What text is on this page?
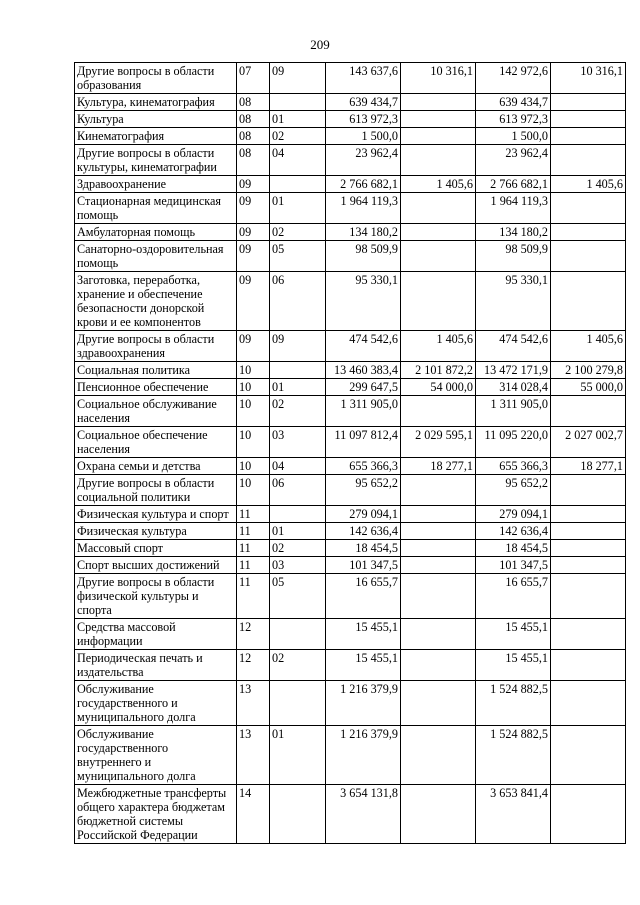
209
Другие вопросы в области образования	07	09	143 637,6	10 316,1	142 972,6	10 316,1
Культура, кинематография	08		639 434,7		639 434,7	
Культура	08	01	613 972,3		613 972,3	
Кинематография	08	02	1 500,0		1 500,0	
Другие вопросы в области культуры, кинематографии	08	04	23 962,4		23 962,4	
Здравоохранение	09		2 766 682,1	1 405,6	2 766 682,1	1 405,6
Стационарная медицинская помощь	09	01	1 964 119,3		1 964 119,3	
Амбулаторная помощь	09	02	134 180,2		134 180,2	
Санаторно-оздоровительная помощь	09	05	98 509,9		98 509,9	
Заготовка, переработка, хранение и обеспечение безопасности донорской крови и ее компонентов	09	06	95 330,1		95 330,1	
Другие вопросы в области здравоохранения	09	09	474 542,6	1 405,6	474 542,6	1 405,6
Социальная политика	10		13 460 383,4	2 101 872,2	13 472 171,9	2 100 279,8
Пенсионное обеспечение	10	01	299 647,5	54 000,0	314 028,4	55 000,0
Социальное обслуживание населения	10	02	1 311 905,0		1 311 905,0	
Социальное обеспечение населения	10	03	11 097 812,4	2 029 595,1	11 095 220,0	2 027 002,7
Охрана семьи и детства	10	04	655 366,3	18 277,1	655 366,3	18 277,1
Другие вопросы в области социальной политики	10	06	95 652,2		95 652,2	
Физическая культура и спорт	11		279 094,1		279 094,1	
Физическая культура	11	01	142 636,4		142 636,4	
Массовый спорт	11	02	18 454,5		18 454,5	
Спорт высших достижений	11	03	101 347,5		101 347,5	
Другие вопросы в области физической культуры и спорта	11	05	16 655,7		16 655,7	
Средства массовой информации	12		15 455,1		15 455,1	
Периодическая печать и издательства	12	02	15 455,1		15 455,1	
Обслуживание государственного и муниципального долга	13		1 216 379,9		1 524 882,5	
Обслуживание государственного внутреннего и муниципального долга	13	01	1 216 379,9		1 524 882,5	
Межбюджетные трансферты общего характера бюджетам бюджетной системы Российской Федерации	14		3 654 131,8		3 653 841,4	
